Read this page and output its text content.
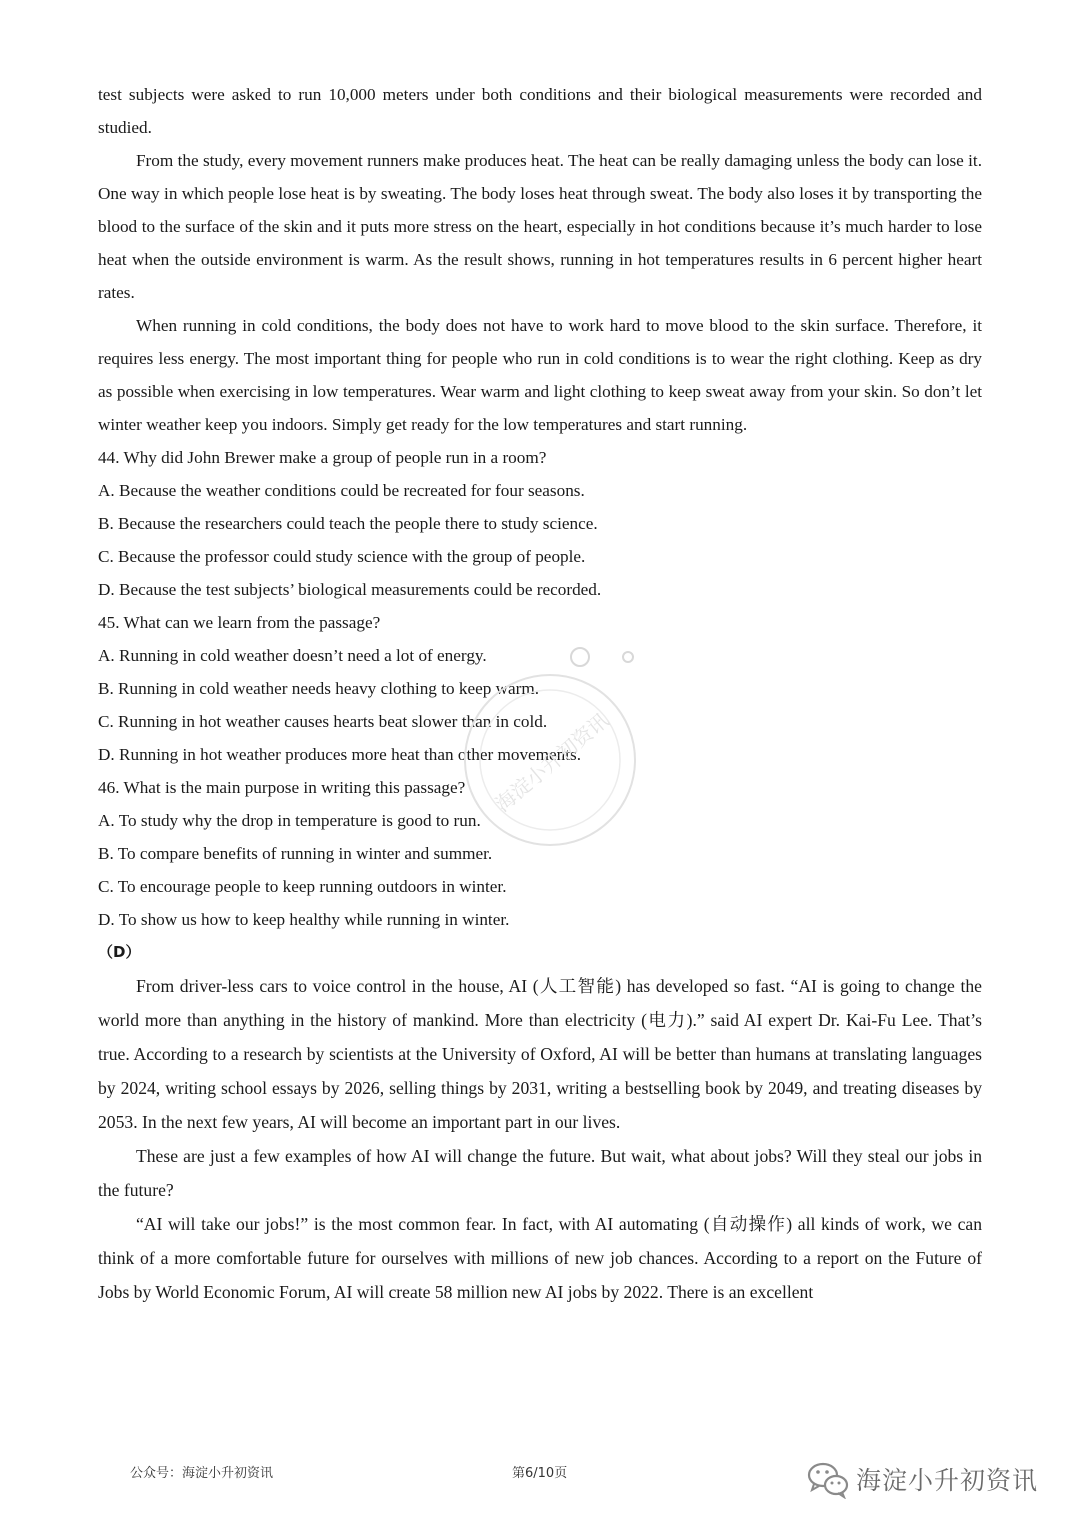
test subjects were asked to run 10,000 meters under both conditions and their biological measurements were recorded and studied.

From the study, every movement runners make produces heat. The heat can be really damaging unless the body can lose it. One way in which people lose heat is by sweating. The body loses heat through sweat. The body also loses it by transporting the blood to the surface of the skin and it puts more stress on the heart, especially in hot conditions because it’s much harder to lose heat when the outside environment is warm. As the result shows, running in hot temperatures results in 6 percent higher heart rates.

When running in cold conditions, the body does not have to work hard to move blood to the skin surface. Therefore, it requires less energy. The most important thing for people who run in cold conditions is to wear the right clothing. Keep as dry as possible when exercising in low temperatures. Wear warm and light clothing to keep sweat away from your skin. So don’t let winter weather keep you indoors. Simply get ready for the low temperatures and start running.

44. Why did John Brewer make a group of people run in a room?

A. Because the weather conditions could be recreated for four seasons.

B. Because the researchers could teach the people there to study science.

C. Because the professor could study science with the group of people.

D. Because the test subjects’ biological measurements could be recorded.

45. What can we learn from the passage?

A. Running in cold weather doesn’t need a lot of energy.

B. Running in cold weather needs heavy clothing to keep warm.

C. Running in hot weather causes hearts beat slower than in cold.

D. Running in hot weather produces more heat than other movements.

46. What is the main purpose in writing this passage?

A. To study why the drop in temperature is good to run.

B. To compare benefits of running in winter and summer.

C. To encourage people to keep running outdoors in winter.

D. To show us how to keep healthy while running in winter.

（D）

From driver-less cars to voice control in the house, AI (人工智能) has developed so fast. “AI is going to change the world more than anything in the history of mankind. More than electricity (电力).” said AI expert Dr. Kai-Fu Lee. That’s true. According to a research by scientists at the University of Oxford, AI will be better than humans at translating languages by 2024, writing school essays by 2026, selling things by 2031, writing a bestselling book by 2049, and treating diseases by 2053. In the next few years, AI will become an important part in our lives.

These are just a few examples of how AI will change the future. But wait, what about jobs? Will they steal our jobs in the future?

“AI will take our jobs!” is the most common fear. In fact, with AI automating (自动操作) all kinds of work, we can think of a more comfortable future for ourselves with millions of new job chances. According to a report on the Future of Jobs by World Economic Forum, AI will create 58 million new AI jobs by 2022. There is an excellent

海淀小升初资讯
公众号：海淀小升初资讯	第6/10页	海淀小升初资讯
